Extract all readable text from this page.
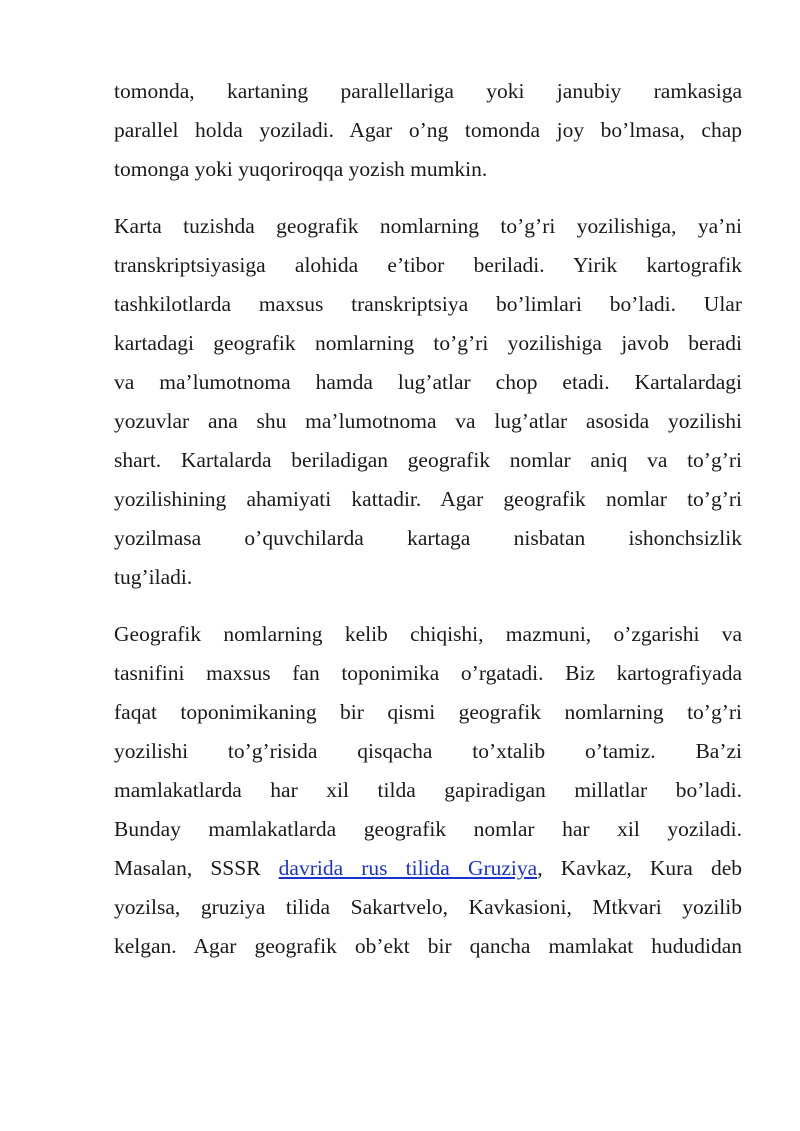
tomonda, kartaning parallellariga yoki janubiy ramkasiga
parallel holda yoziladi. Agar o’ng tomonda joy bo’lmasa, chap
tomonga yoki yuqoriroqqa yozish mumkin.

Karta tuzishda geografik nomlarning to’g’ri yozilishiga, ya’ni
transkriptsiyasiga alohida e’tibor beriladi. Yirik kartografik
tashkilotlarda maxsus transkriptsiya bo’limlari bo’ladi. Ular
kartadagi geografik nomlarning to’g’ri yozilishiga javob beradi
va ma’lumotnoma hamda lug’atlar chop etadi. Kartalardagi
yozuvlar ana shu ma’lumotnoma va lug’atlar asosida yozilishi
shart. Kartalarda beriladigan geografik nomlar aniq va to’g’ri
yozilishining ahamiyati kattadir. Agar geografik nomlar to’g’ri
yozilmasa o’quvchilarda kartaga nisbatan ishonchsizlik
tug’iladi.

Geografik nomlarning kelib chiqishi, mazmuni, o’zgarishi va
tasnifini maxsus fan toponimika o’rgatadi. Biz kartografiyada
faqat toponimikaning bir qismi geografik nomlarning to’g’ri
yozilishi to’g’risida qisqacha to’xtalib o’tamiz. Ba’zi
mamlakatlarda har xil tilda gapiradigan millatlar bo’ladi.
Bunday mamlakatlarda geografik nomlar har xil yoziladi.
Masalan, SSSR davrida rus tilida Gruziya, Kavkaz, Kura deb
yozilsa, gruziya tilida Sakartvelo, Kavkasioni, Mtkvari yozilib
kelgan. Agar geografik ob’ekt bir qancha mamlakat hududidan
